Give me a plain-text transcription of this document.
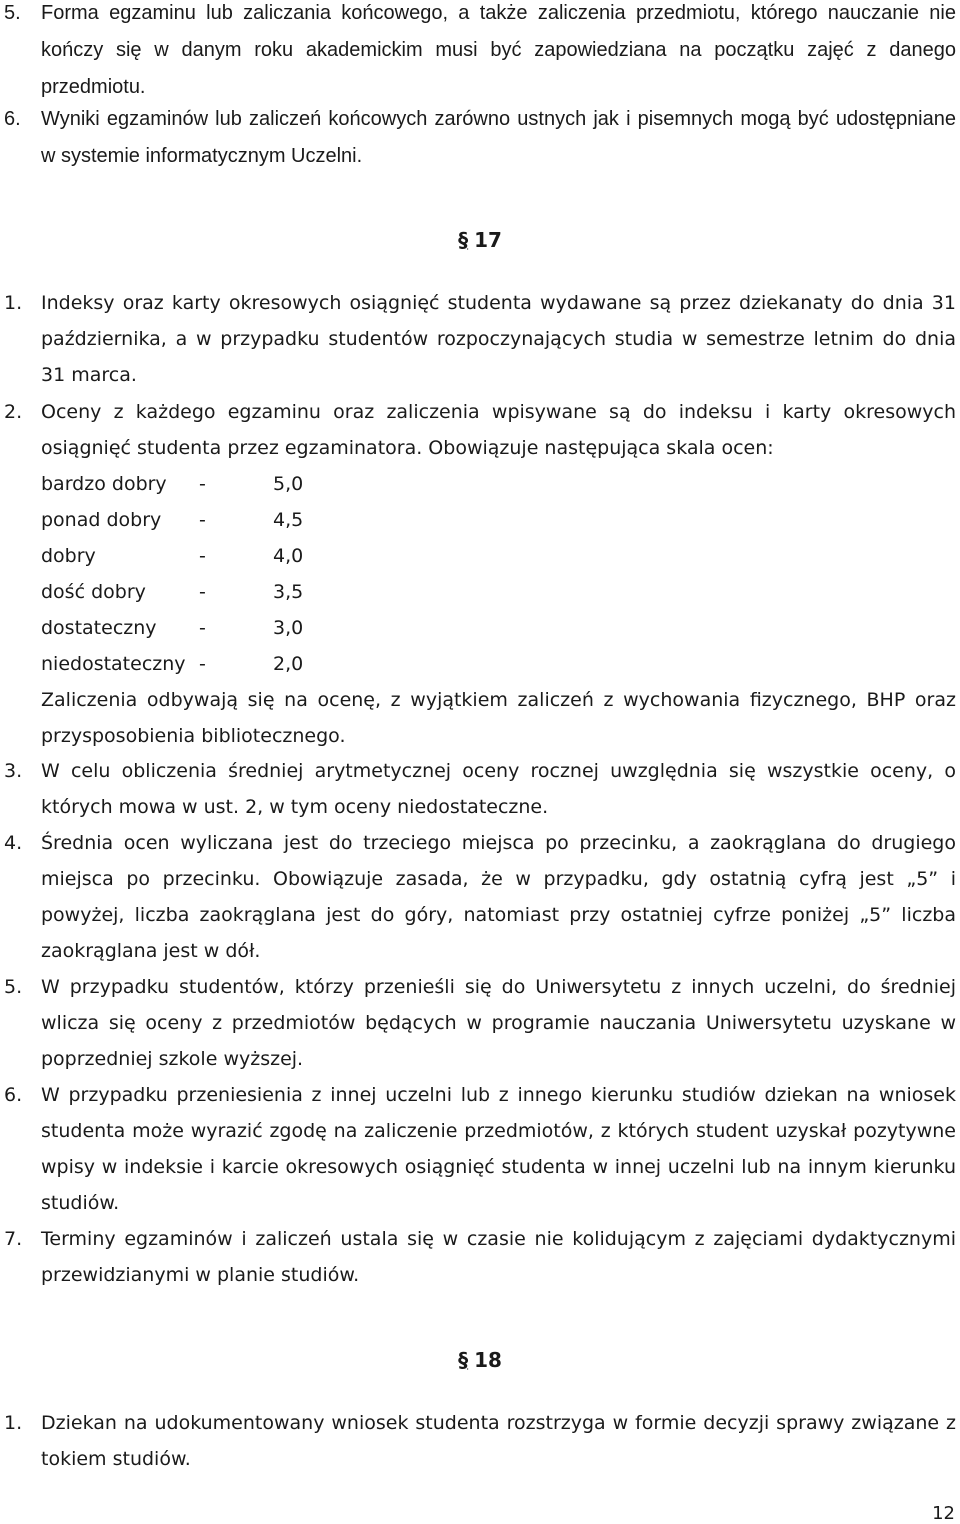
5. Forma egzaminu lub zaliczania końcowego, a także zaliczenia przedmiotu, którego nauczanie nie kończy się w danym roku akademickim musi być zapowiedziana na początku zajęć z danego przedmiotu.
6. Wyniki egzaminów lub zaliczeń końcowych zarówno ustnych jak i pisemnych mogą być udostępniane w systemie informatycznym Uczelni.
§ 17
1. Indeksy oraz karty okresowych osiągnięć studenta wydawane są przez dziekanaty do dnia 31 października, a w przypadku studentów rozpoczynających studia w semestrze letnim do dnia 31 marca.
2. Oceny z każdego egzaminu oraz zaliczenia wpisywane są do indeksu i karty okresowych osiągnięć studenta przez egzaminatora. Obowiązuje następująca skala ocen:
bardzo dobry	-	5,0
ponad dobry	-	4,5
dobry	-	4,0
dość dobry	-	3,5
dostateczny	-	3,0
niedostateczny -	2,0
Zaliczenia odbywają się na ocenę, z wyjątkiem zaliczeń z wychowania fizycznego, BHP oraz przysposobienia bibliotecznego.
3. W celu obliczenia średniej arytmetycznej oceny rocznej uwzględnia się wszystkie oceny, o których mowa w ust. 2, w tym oceny niedostateczne.
4. Średnia ocen wyliczana jest do trzeciego miejsca po przecinku, a zaokrąglana do drugiego miejsca po przecinku. Obowiązuje zasada, że w przypadku, gdy ostatnią cyfrą jest „5” i powyżej, liczba zaokrąglana jest do góry, natomiast przy ostatniej cyfrze poniżej „5” liczba zaokrąglana jest w dół.
5. W przypadku studentów, którzy przenieśli się do Uniwersytetu z innych uczelni, do średniej wlicza się oceny z przedmiotów będących w programie nauczania Uniwersytetu uzyskane w poprzedniej szkole wyższej.
6. W przypadku przeniesienia z innej uczelni lub z innego kierunku studiów dziekan na wniosek studenta może wyrazić zgodę na zaliczenie przedmiotów, z których student uzyskał pozytywne wpisy w indeksie i karcie okresowych osiągnięć studenta w innej uczelni lub na innym kierunku studiów.
7. Terminy egzaminów i zaliczeń ustala się w czasie nie kolidującym z zajęciami dydaktycznymi przewidzianymi w planie studiów.
§ 18
1. Dziekan na udokumentowany wniosek studenta rozstrzyga w formie decyzji sprawy związane z tokiem studiów.
12
